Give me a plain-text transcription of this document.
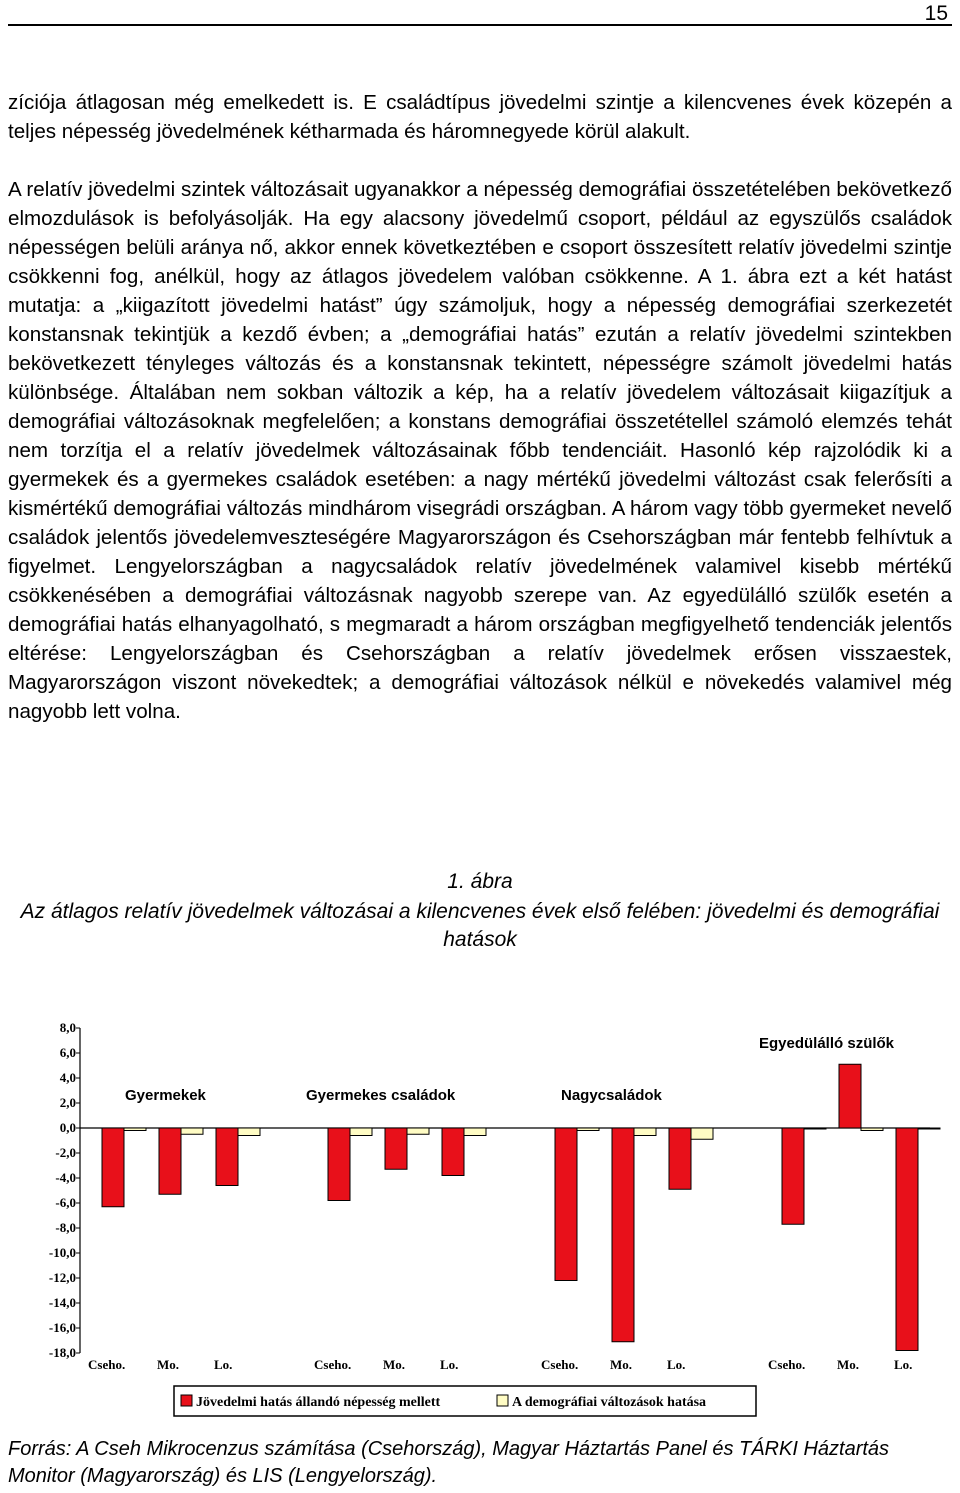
15

zíciója átlagosan még emelkedett is. E családtípus jövedelmi szintje a kilencvenes évek közepén a teljes népesség jövedelmének kétharmada és háromnegyede körül alakult.

A relatív jövedelmi szintek változásait ugyanakkor a népesség demográfiai összetételében bekövetkező elmozdulások is befolyásolják. Ha egy alacsony jövedelmű csoport, például az egyszülős családok népességen belüli aránya nő, akkor ennek következtében e csoport összesített relatív jövedelmi szintje csökkenni fog, anélkül, hogy az átlagos jövedelem valóban csökkenne. A 1. ábra ezt a két hatást mutatja: a „kiigazított jövedelmi hatást” úgy számoljuk, hogy a népesség demográfiai szerkezetét konstansnak tekintjük a kezdő évben; a „demográfiai hatás” ezután a relatív jövedelmi szintekben bekövetkezett tényleges változás és a konstansnak tekintett, népességre számolt jövedelmi hatás különbsége. Általában nem sokban változik a kép, ha a relatív jövedelem változásait kiigazítjuk a demográfiai változásoknak megfelelően; a konstans demográfiai összetétellel számoló elemzés tehát nem torzítja el a relatív jövedelmek változásainak főbb tendenciáit. Hasonló kép rajzolódik ki a gyermekek és a gyermekes családok esetében: a nagy mértékű jövedelmi változást csak felerősíti a kismértékű demográfiai változás mindhárom visegrádi országban. A három vagy több gyermeket nevelő családok jelentős jövedelemveszteségére Magyarországon és Csehországban már fentebb felhívtuk a figyelmet. Lengyelországban a nagycsaládok relatív jövedelmének valamivel kisebb mértékű csökkenésében a demográfiai változásnak nagyobb szerepe van. Az egyedülálló szülők esetén a demográfiai hatás elhanyagolható, s megmaradt a három országban megfigyelhető tendenciák jelentős eltérése: Lengyelországban és Csehországban a relatív jövedelmek erősen visszaestek, Magyarországon viszont növekedtek; a demográfiai változások nélkül e növekedés valamivel még nagyobb lett volna.

1. ábra
Az átlagos relatív jövedelmek változásai a kilencvenes évek első felében: jövedelmi és demográfiai hatások
8,0
6,0
4,0
2,0
0,0
-2,0
-4,0
-6,0
-8,0
-10,0
-12,0
-14,0
-16,0
-18,0
Gyermekek	Gyermekes családok	Nagycsaládok
Egyedülálló szülők
Cseho. Mo.	Lo.	Cseho. Mo.	Lo.	Cseho. Mo.	Lo.	Cseho. Mo.	Lo.
Jövedelmi hatás állandó népesség mellett	A demográfiai változások hatása
Forrás: A Cseh Mikrocenzus számítása (Csehország), Magyar Háztartás Panel és TÁRKI Háztartás Monitor (Magyarország) és LIS (Lengyelország).
